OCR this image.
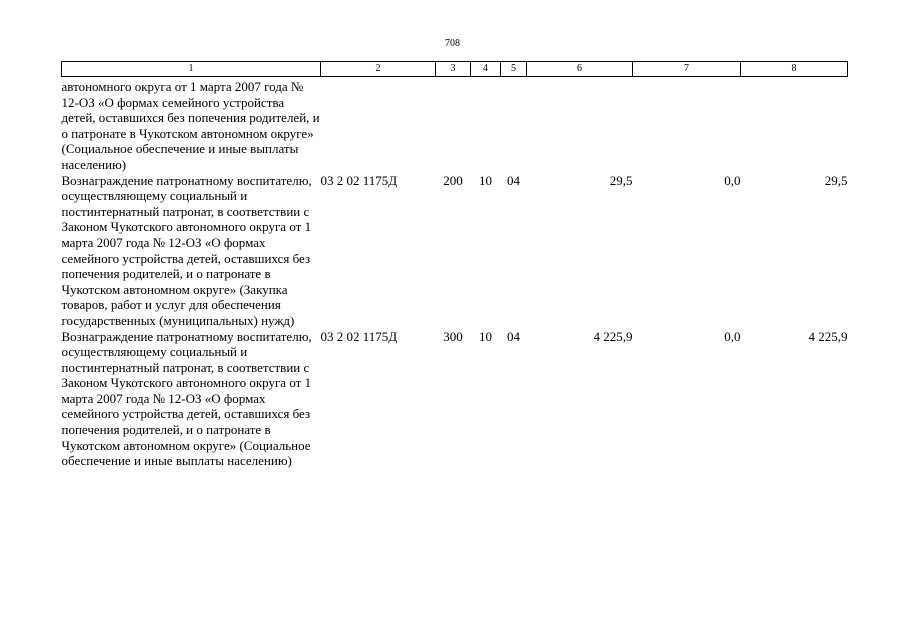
708
1	2	3	4	5	6	7	8
автономного округа от 1 марта 2007 года № 12-ОЗ «О формах семейного устройства детей, оставшихся без попечения родителей, и о патронате в Чукотском автономном округе» (Социальное обеспечение и иные выплаты населению)							
Вознаграждение патронатному воспитателю, осуществляющему социальный и постинтернатный патронат, в соответствии с Законом Чукотского автономного округа от 1 марта 2007 года № 12-ОЗ «О формах семейного устройства детей, оставшихся без попечения родителей, и о патронате в Чукотском автономном округе» (Закупка товаров, работ и услуг для обеспечения государственных (муниципальных) нужд)	03 2 02 1175Д	200	10	04	29,5	0,0	29,5
Вознаграждение патронатному воспитателю, осуществляющему социальный и постинтернатный патронат, в соответствии с Законом Чукотского автономного округа от 1 марта 2007 года № 12-ОЗ «О формах семейного устройства детей, оставшихся без попечения родителей, и о патронате в Чукотском автономном округе» (Социальное обеспечение и иные выплаты населению)	03 2 02 1175Д	300	10	04	4 225,9	0,0	4 225,9
